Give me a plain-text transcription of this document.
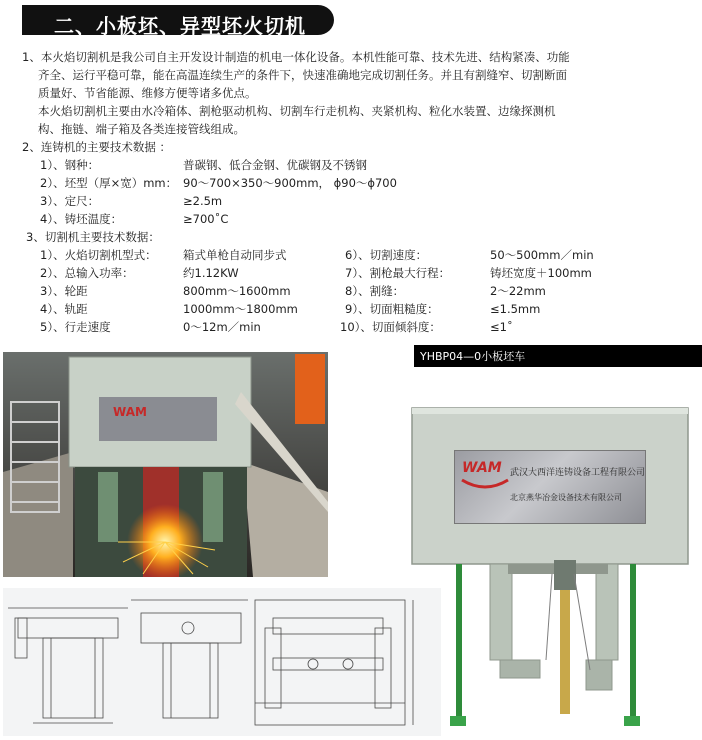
二、小板坯、异型坯火切机
1、本火焰切割机是我公司自主开发设计制造的机电一体化设备。本机性能可靠、技术先进、结构紧凑、功能
齐全、运行平稳可靠，能在高温连续生产的条件下，快速准确地完成切割任务。并且有割缝窄、切割断面
质量好、节省能源、维修方便等诸多优点。
本火焰切割机主要由水冷箱体、割枪驱动机构、切割车行走机构、夹紧机构、粒化水装置、边缘探测机
构、拖链、端子箱及各类连接管线组成。
2、连铸机的主要技术数据 ：
1）、钢种：	普碳钢、低合金钢、优碳钢及不锈钢
2）、坯型（厚×宽）mm： 90～700×350～900mm， ϕ90～ϕ700
3）、定尺：	≥2.5m
4）、铸坯温度：	≥700˚C
3、切割机主要技术数据：
1）、火焰切割机型式： 箱式单枪自动同步式
2）、总输入功率：	约1.12KW
3）、轮距	800mm～1600mm
4）、轨距	1000mm～1800mm
5）、行走速度	0～12m／min
6）、切割速度：	50～500mm／min
7）、割枪最大行程：	铸坯宽度＋100mm
8）、割缝：	2～22mm
9）、切面粗糙度：	≤1.5mm
10）、切面倾斜度：	≤1˚
WAM
YHBP04—0小板坯车
WAM 武汉大西洋连铸设备工程有限公司
北京燕华冶金设备技术有限公司
